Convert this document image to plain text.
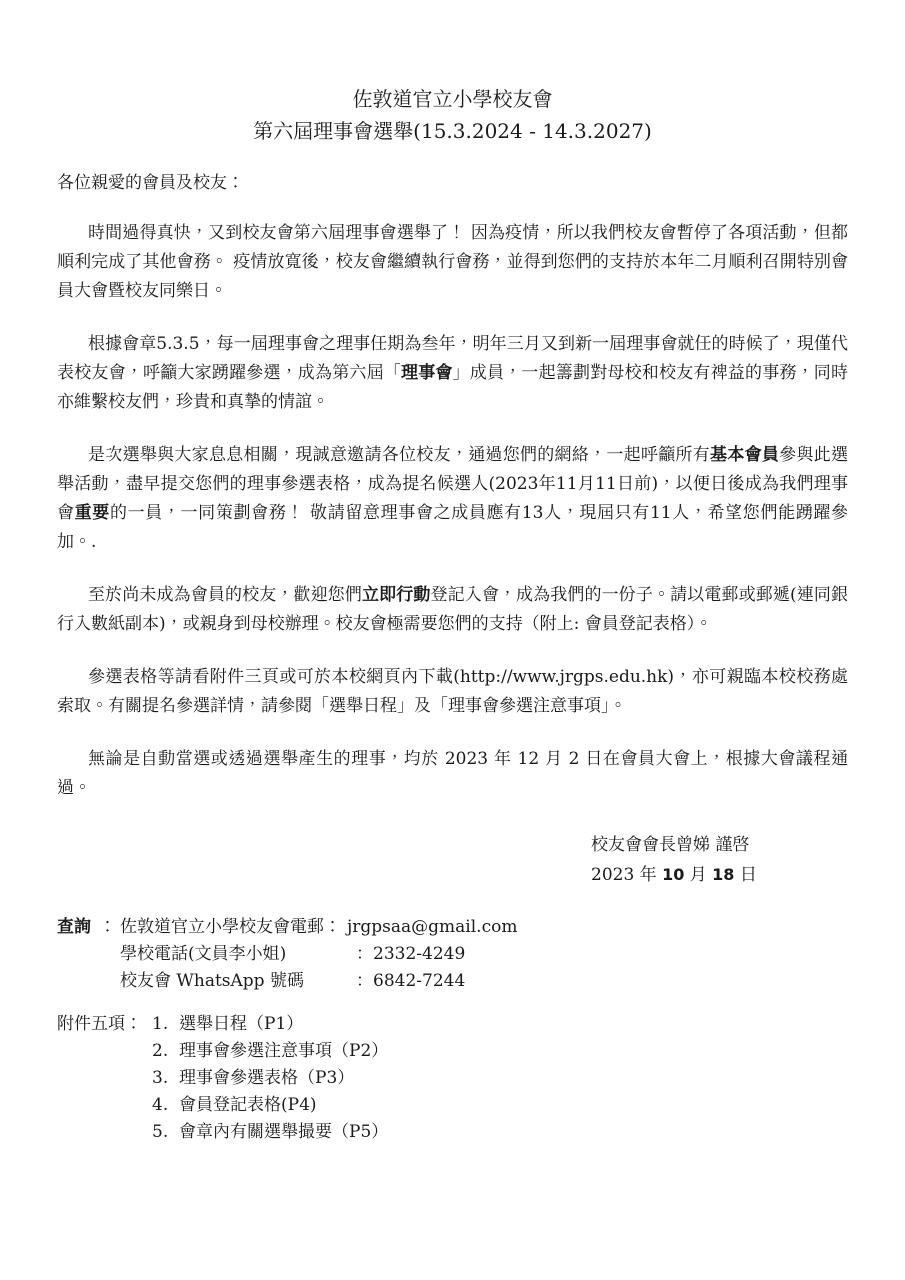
佐敦道官立小學校友會
第六屆理事會選舉(15.3.2024 - 14.3.2027)
各位親愛的會員及校友：
時間過得真快，又到校友會第六屆理事會選舉了！ 因為疫情，所以我們校友會暫停了各項活動，但都順利完成了其他會務。 疫情放寬後，校友會繼續執行會務，並得到您們的支持於本年二月順利召開特別會員大會暨校友同樂日。
根據會章5.3.5，每一屆理事會之理事任期為叁年，明年三月又到新一屆理事會就任的時候了，現僅代表校友會，呼籲大家踴躍參選，成為第六屆「理事會」成員，一起籌劃對母校和校友有禆益的事務，同時亦維繫校友們，珍貴和真摯的情誼。
是次選舉與大家息息相關，現誠意邀請各位校友，通過您們的網絡，一起呼籲所有基本會員參與此選舉活動，盡早提交您們的理事參選表格，成為提名候選人(2023年11月11日前)，以便日後成為我們理事會重要的一員，一同策劃會務！ 敬請留意理事會之成員應有13人，現屆只有11人，希望您們能踴躍參加。.
至於尚未成為會員的校友，歡迎您們立即行動登記入會，成為我們的一份子。請以電郵或郵遞(連同銀行入數紙副本)，或親身到母校辦理。校友會極需要您們的支持（附上: 會員登記表格）。
參選表格等請看附件三頁或可於本校網頁內下載(http://www.jrgps.edu.hk)，亦可親臨本校校務處索取。有關提名參選詳情，請參閱「選舉日程」及「理事會參選注意事項」。
無論是自動當選或透過選舉產生的理事，均於 2023 年 12 月 2 日在會員大會上，根據大會議程通過。
校友會會長曾娣 謹啓
2023 年 10 月 18 日
查詢 ： 佐敦道官立小學校友會電郵： jrgpsaa@gmail.com
學校電話(文員李小姐)	：2332-4249
校友會 WhatsApp 號碼	：6842-7244
附件五項： 1. 選舉日程（P1）
2. 理事會參選注意事項（P2）
3. 理事會參選表格（P3）
4. 會員登記表格(P4)
5. 會章內有關選舉撮要（P5）
